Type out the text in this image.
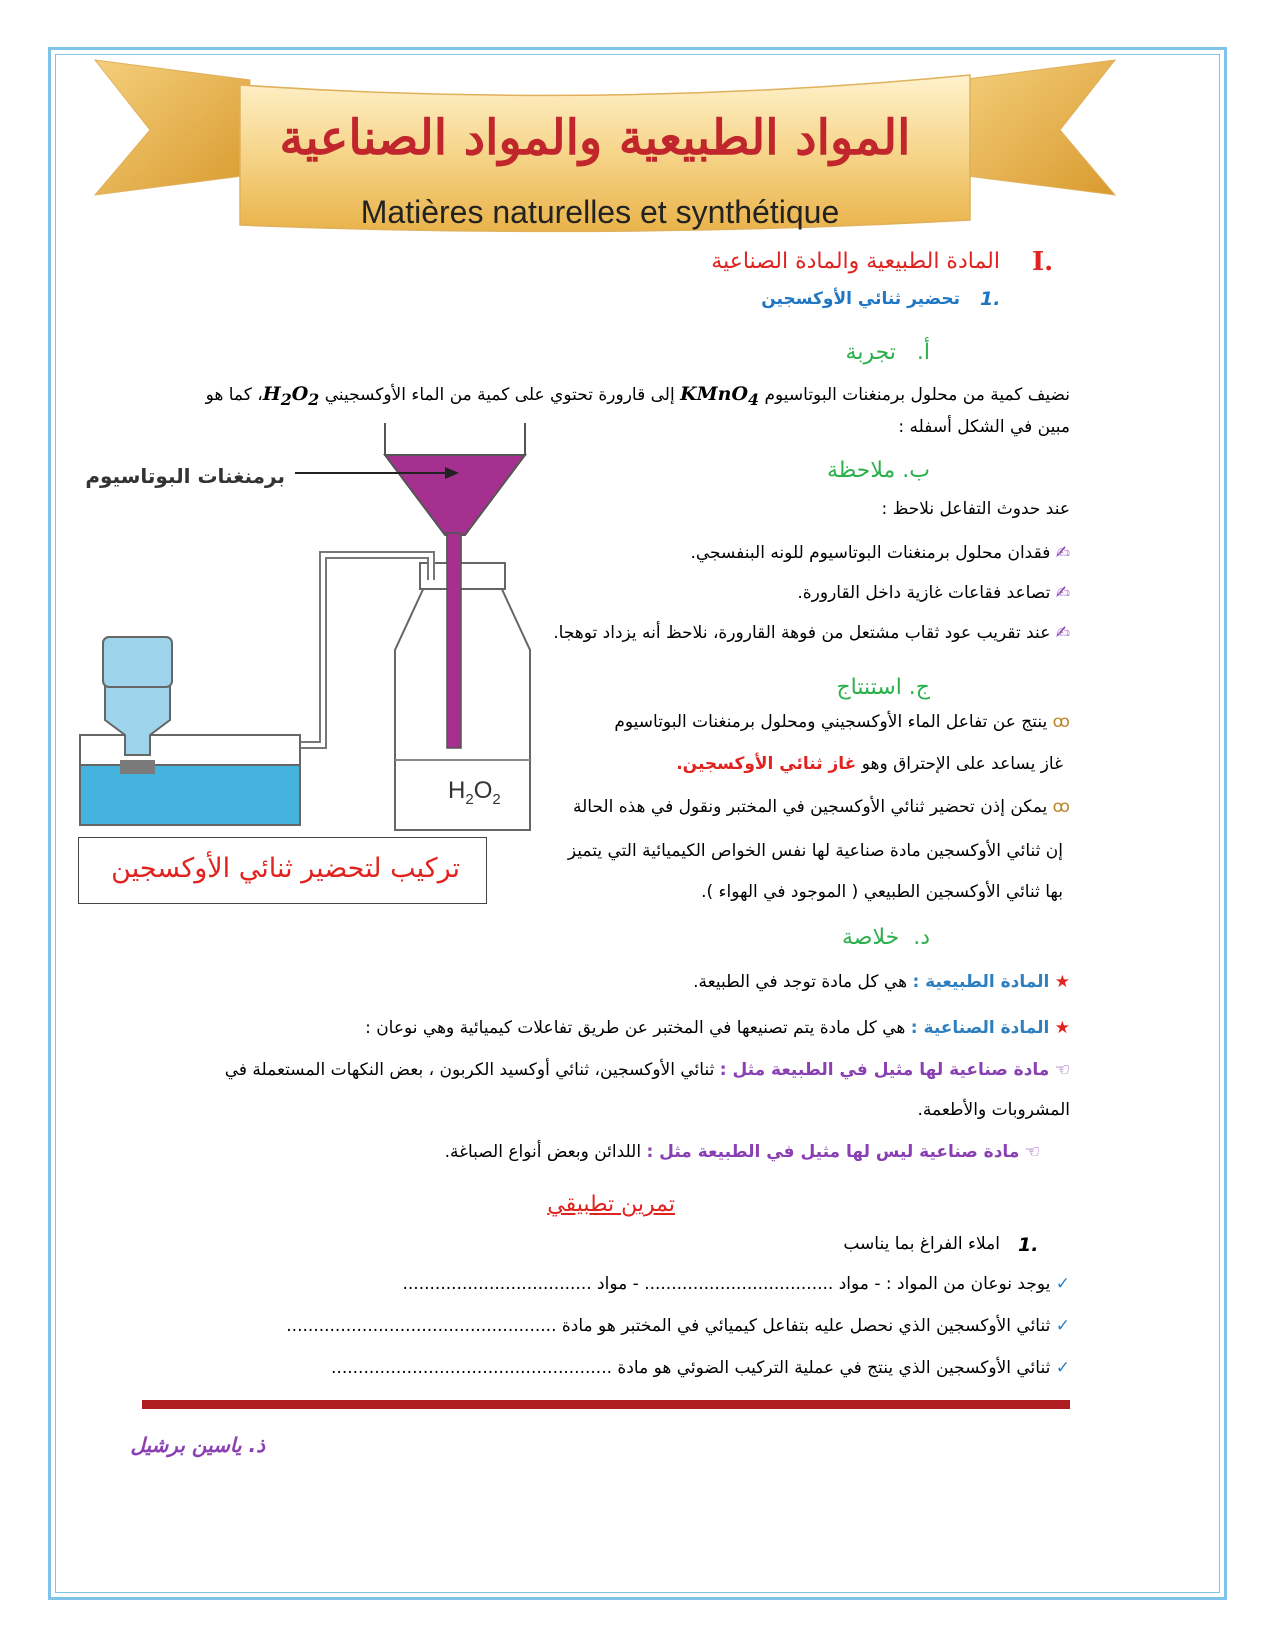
المواد الطبيعية والمواد الصناعية
Matières naturelles et synthétique
I.
المادة الطبيعية والمادة الصناعية
1.
تحضير ثنائي الأوكسجين
أ.   تجربة
نضيف كمية من محلول برمنغنات البوتاسيوم KMnO$_4$ إلى قارورة تحتوي على كمية من الماء الأوكسجيني $H_2O_2،$ كما هو
مبين في الشكل أسفله :
ب. ملاحظة
عند حدوث التفاعل نلاحظ :
✍ فقدان محلول برمنغنات البوتاسيوم للونه البنفسجي.
✍ تصاعد فقاعات غازية داخل القارورة.
✍ عند تقريب عود ثقاب مشتعل من فوهة القارورة، نلاحظ أنه يزداد توهجا.
ج. استنتاج
ꝏ ينتج عن تفاعل الماء الأوكسجيني ومحلول برمنغنات البوتاسيوم
غاز يساعد على الإحتراق وهو غاز ثنائي الأوكسجين.
ꝏ يمكن إذن تحضير ثنائي الأوكسجين في المختبر ونقول في هذه الحالة
إن ثنائي الأوكسجين مادة صناعية لها نفس الخواص الكيميائية التي يتميز
بها ثنائي الأوكسجين الطبيعي ( الموجود في الهواء ).
برمنغنات البوتاسيوم
$H_2O_2$
تركيب لتحضير ثنائي الأوكسجين
د.  خلاصة
★ المادة الطبيعية : هي كل مادة توجد في الطبيعة.
★ المادة الصناعية : هي كل مادة يتم تصنيعها في المختبر عن طريق تفاعلات كيميائية وهي نوعان :
☜ مادة صناعية لها مثيل في الطبيعة مثل : ثنائي الأوكسجين، ثنائي أوكسيد الكربون ، بعض النكهات المستعملة في
المشروبات والأطعمة.
☜ مادة صناعية ليس لها مثيل في الطبيعة مثل : اللدائن وبعض أنواع الصباغة.
تمرين تطبيقي
1.
املاء الفراغ بما يناسب
✓ يوجد نوعان من المواد : - مواد ................................... - مواد ...................................
✓ ثنائي الأوكسجين الذي نحصل عليه بتفاعل كيميائي في المختبر هو مادة ..................................................
✓ ثنائي الأوكسجين الذي ينتج في عملية التركيب الضوئي هو مادة ....................................................
ذ. ياسين برشيل
